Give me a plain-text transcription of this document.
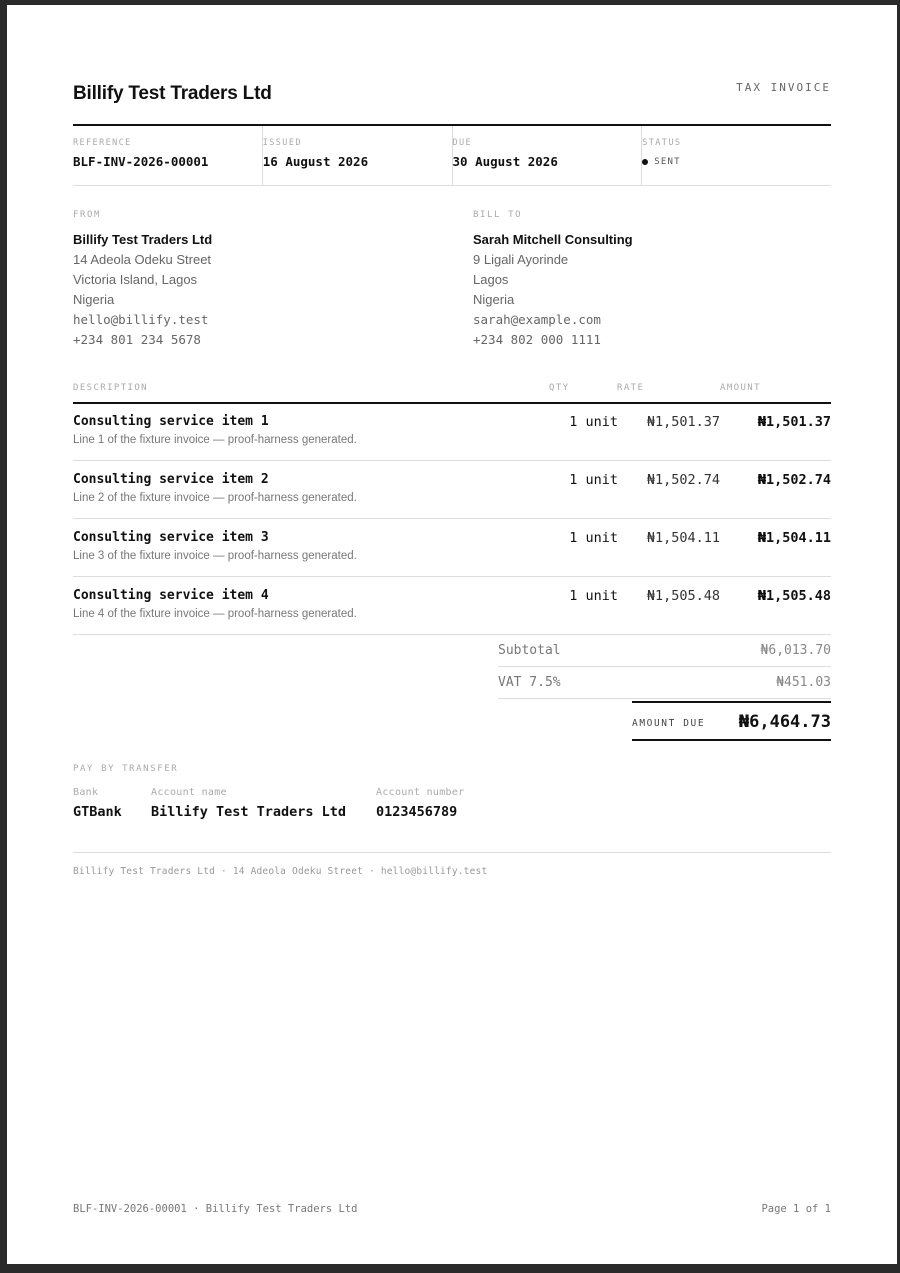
Billify Test Traders Ltd	TAX INVOICE
REFERENCE
BLF-INV-2026-00001
ISSUED
16 August 2026
DUE
30 August 2026
STATUS
SENT
FROM
Billify Test Traders Ltd
14 Adeola Odeku Street
Victoria Island, Lagos
Nigeria
hello@billify.test
+234 801 234 5678
BILL TO
Sarah Mitchell Consulting
9 Ligali Ayorinde
Lagos
Nigeria
sarah@example.com
+234 802 000 1111
DESCRIPTION	QTY	RATE	AMOUNT
Consulting service item 1
Line 1 of the fixture invoice — proof-harness generated.
1 unit ₦1,501.37	₦1,501.37
Consulting service item 2
Line 2 of the fixture invoice — proof-harness generated.
1 unit ₦1,502.74	₦1,502.74
Consulting service item 3
Line 3 of the fixture invoice — proof-harness generated.
1 unit ₦1,504.11	₦1,504.11
Consulting service item 4
Line 4 of the fixture invoice — proof-harness generated.
1 unit ₦1,505.48	₦1,505.48
Subtotal	₦6,013.70
VAT 7.5%	₦451.03
AMOUNT DUE ₦6,464.73
PAY BY TRANSFER
Bank
GTBank
Account name
Billify Test Traders Ltd
Account number
0123456789
Billify Test Traders Ltd · 14 Adeola Odeku Street · hello@billify.test
BLF-INV-2026-00001 · Billify Test Traders Ltd	Page 1 of 1
